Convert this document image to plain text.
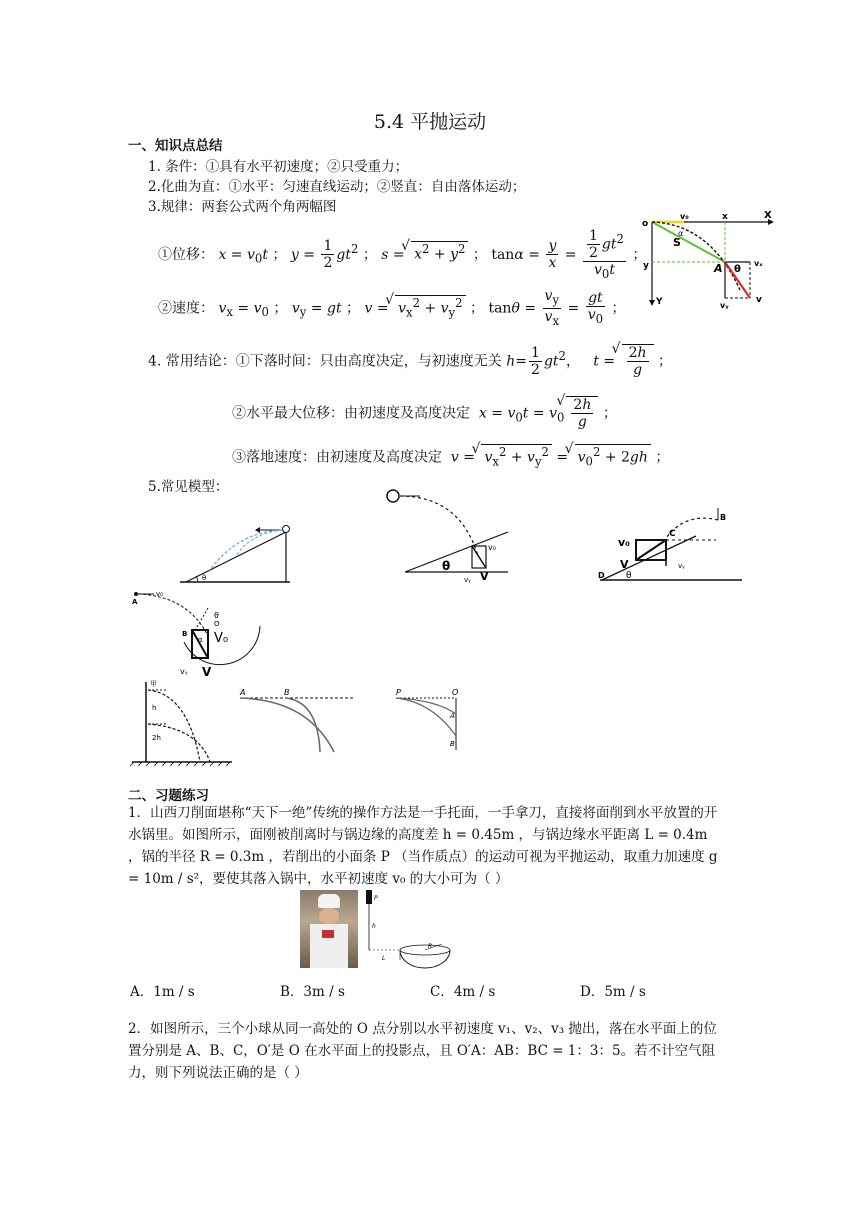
5.4 平抛运动
一、知识点总结
1. 条件：①具有水平初速度；②只受重力；
2.化曲为直：①水平：匀速直线运动；②竖直：自由落体运动；
3.规律：两套公式两个角两幅图
①位移： $x = v_0t$ ； $y = \frac{1}{2} gt^2$ ； s = √ $x^2 + y^2$ ； $\tan\alpha = \frac{y}{x} = \frac{\frac{1}{2} gt^2}{v_0t}$ ；
②速度： $v_x = v_0$ ； $v_y$ = gt ； v = √ $v_x^2 + v_y^2$ ； $\tan\theta = \frac{v_y}{v_x} = \frac{gt}{v_0}$ ；
o
v₀	x	X
α
S
y	A θ
vₓ
Y	vᵧ
v
4. 常用结论：①下落时间：只由高度决定，与初速度无关 $h= \frac{1}{2} gt^2$，   t = √ $\frac{2h}{g}$ ；
②水平最大位移：由初速度及高度决定 $x = v_0t = v_0$ √ $\frac{2h}{g}$ ；
③落地速度：由初速度及高度决定 v = √ $v_x^2 + v_y^2$ = √ $v_0^2 + 2gh$ ；
5.常见模型：
θ
v₀
θ
V
vᵧ
v₀
C
V
D θ
vᵧ
B
A
v₀
θ
O
B
α V₀
vᵧ V
甲
h
2h
A	B	P	O
A
B
二、习题练习
1．山西刀削面堪称“天下一绝”传统的操作方法是一手托面，一手拿刀，直接将面削到水平放置的开水锅里。如图所示，面刚被削离时与锅边缘的高度差 h = 0.45m ，与锅边缘水平距离 L = 0.4m ，锅的半径 R = 0.3m ，若削出的小面条 P （当作质点）的运动可视为平抛运动，取重力加速度 g = 10m / s²，要使其落入锅中，水平初速度 v₀ 的大小可为（ ）
P
h
L
R
A．1m / s	B．3m / s	C．4m / s	D．5m / s
2．如图所示，三个小球从同一高处的 O 点分别以水平初速度 v₁、v₂、v₃ 抛出，落在水平面上的位置分别是 A、B、C，O′是 O 在水平面上的投影点，且 O′A：AB：BC = 1：3：5。若不计空气阻力，则下列说法正确的是（ ）
